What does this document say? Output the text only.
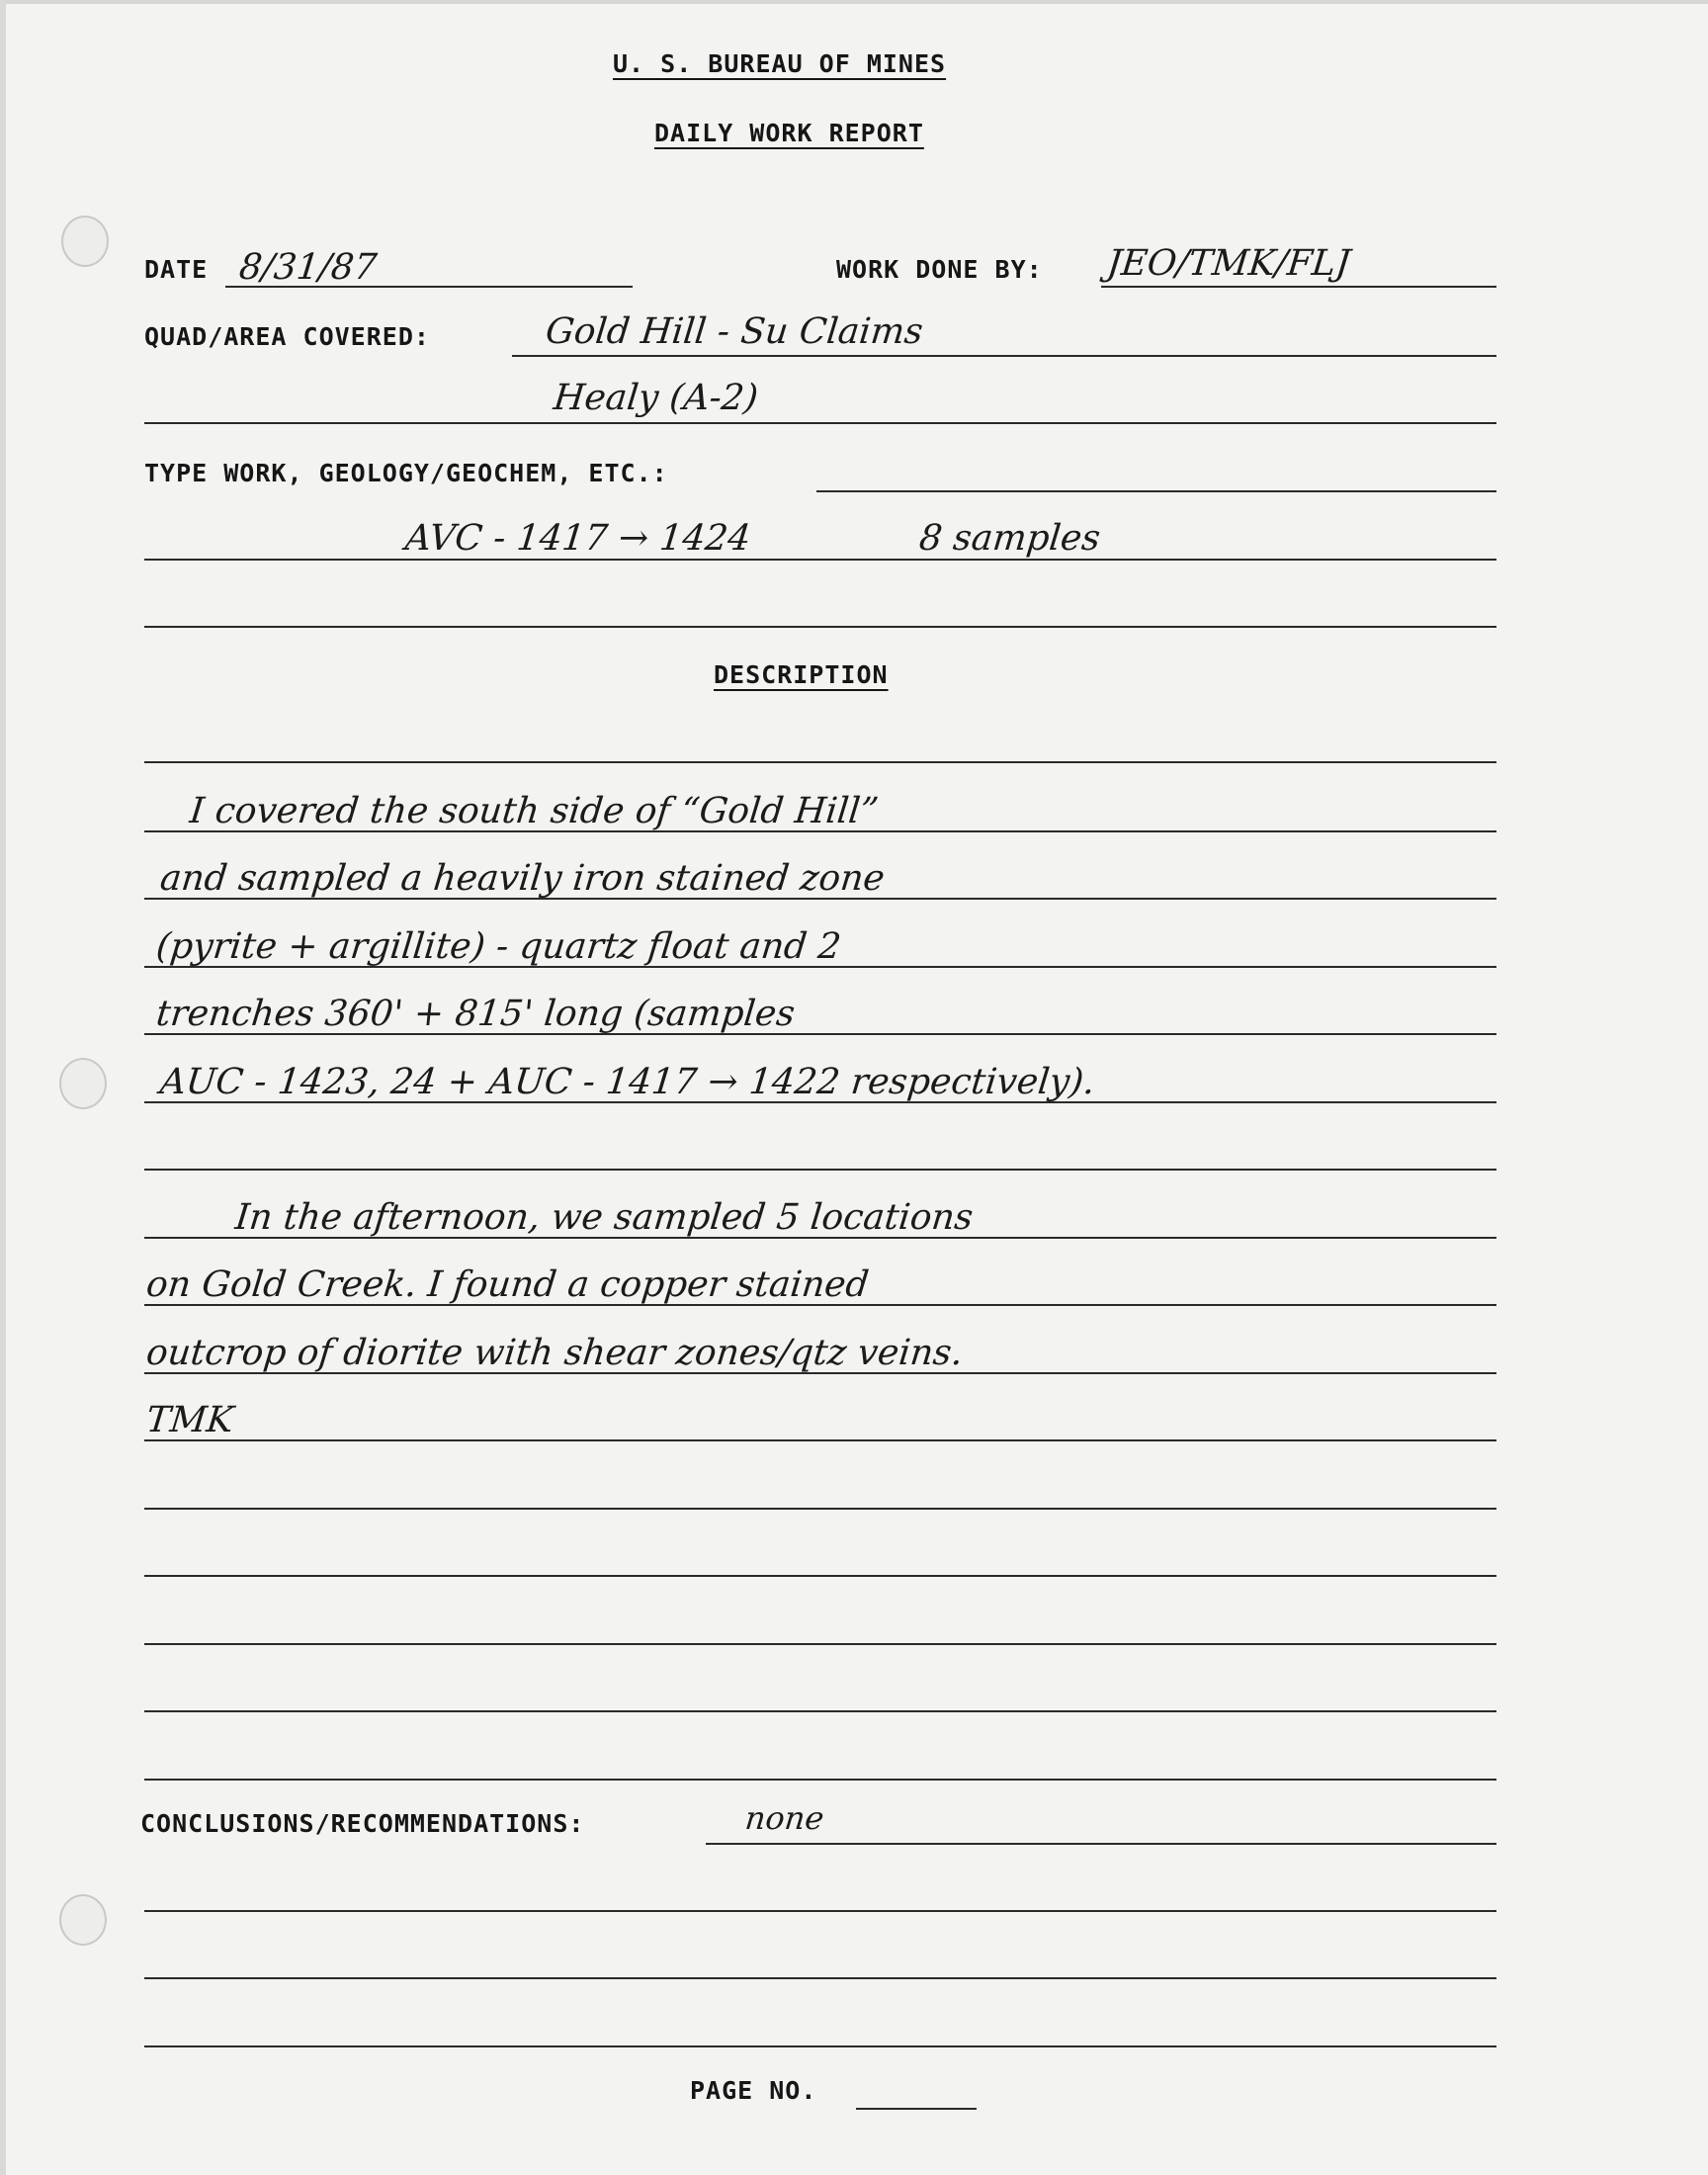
U. S. BUREAU OF MINES
DAILY WORK REPORT
DATE 8/31/87	WORK DONE BY: JEO/TMK/FLJ
QUAD/AREA COVERED:	Gold Hill - Su Claims
Healy (A-2)
TYPE WORK, GEOLOGY/GEOCHEM, ETC.:
AVC - 1417 → 1424	8 samples
DESCRIPTION
I covered the south side of “Gold Hill”
and sampled a heavily iron stained zone
(pyrite + argillite) - quartz float and 2
trenches 360' + 815' long (samples
AUC - 1423, 24 + AUC - 1417 → 1422 respectively).
In the afternoon, we sampled 5 locations
on Gold Creek. I found a copper stained
outcrop of diorite with shear zones/qtz veins.
TMK
CONCLUSIONS/RECOMMENDATIONS:	none
PAGE NO.
